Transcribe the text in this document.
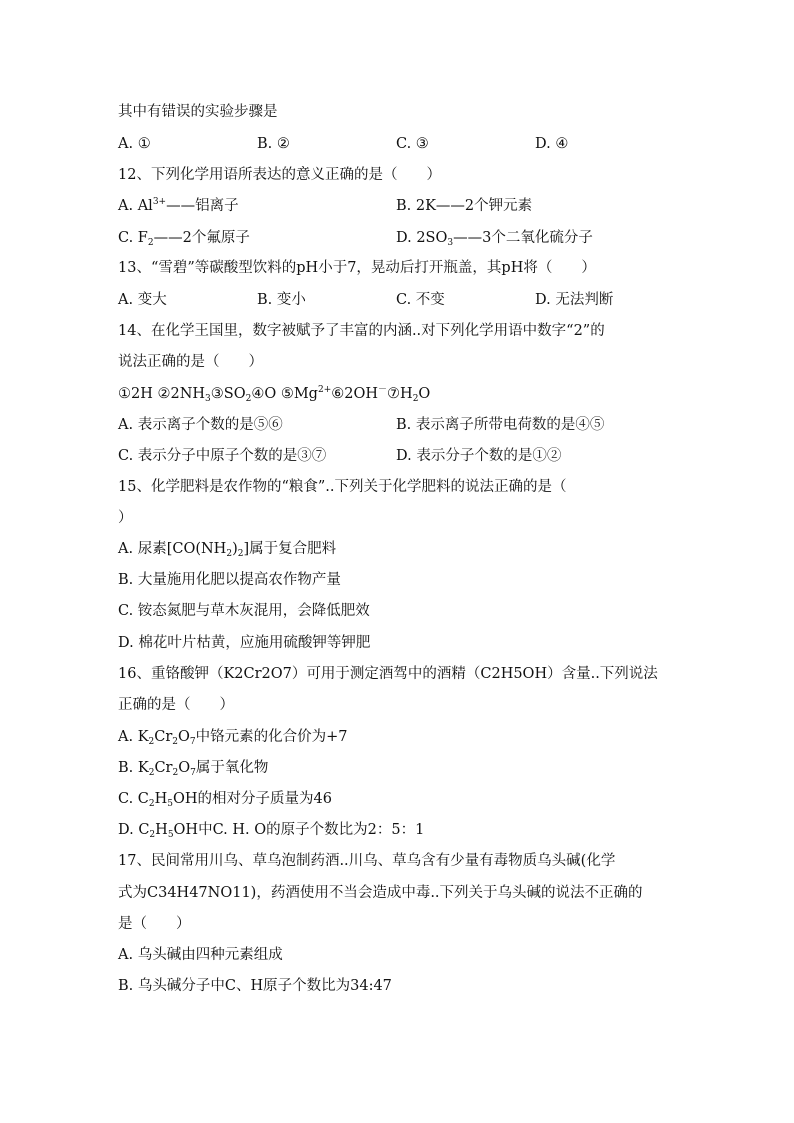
其中有错误的实验步骤是
A. ①	B. ②	C. ③	D. ④
12、下列化学用语所表达的意义正确的是（　　）
A. $Al^{3+}——$铝离子	B. 2K——2个钾元素
C. $F_2——2$个氟原子	D. $2SO_3——3$个二氧化硫分子
13、“雪碧”等碳酸型饮料的pH小于7，晃动后打开瓶盖，其pH将（　　）
A. 变大	B. 变小	C. 不变	D. 无法判断
14、在化学王国里，数字被赋予了丰富的内涵..对下列化学用语中数字“2”的
说法正确的是（　　）
①2H $②2NH_3③SO_2④O$ $⑤Mg^{2+}⑥2OH^-⑦H_2O$
A. 表示离子个数的是⑤⑥	B. 表示离子所带电荷数的是④⑤
C. 表示分子中原子个数的是③⑦	D. 表示分子个数的是①②
15、化学肥料是农作物的“粮食”..下列关于化学肥料的说法正确的是（
）
A. 尿素$[CO(NH_2)_2]$属于复合肥料
B. 大量施用化肥以提高农作物产量
C. 铵态氮肥与草木灰混用，会降低肥效
D. 棉花叶片枯黄，应施用硫酸钾等钾肥
16、重铬酸钾（K2Cr2O7）可用于测定酒驾中的酒精（C2H5OH）含量..下列说法
正确的是（　　）
A. $K_2Cr_2O_7$中铬元素的化合价为+7
B. $K_2Cr_2O_7$属于氧化物
C. $C_2H_5OH$的相对分子质量为46
D. $C_2H_5OH$中C. H. O的原子个数比为2：5：1
17、民间常用川乌、草乌泡制药酒..川乌、草乌含有少量有毒物质乌头碱(化学
式为C34H47NO11)，药酒使用不当会造成中毒..下列关于乌头碱的说法不正确的
是（　　）
A. 乌头碱由四种元素组成
B. 乌头碱分子中C、H原子个数比为34:47
